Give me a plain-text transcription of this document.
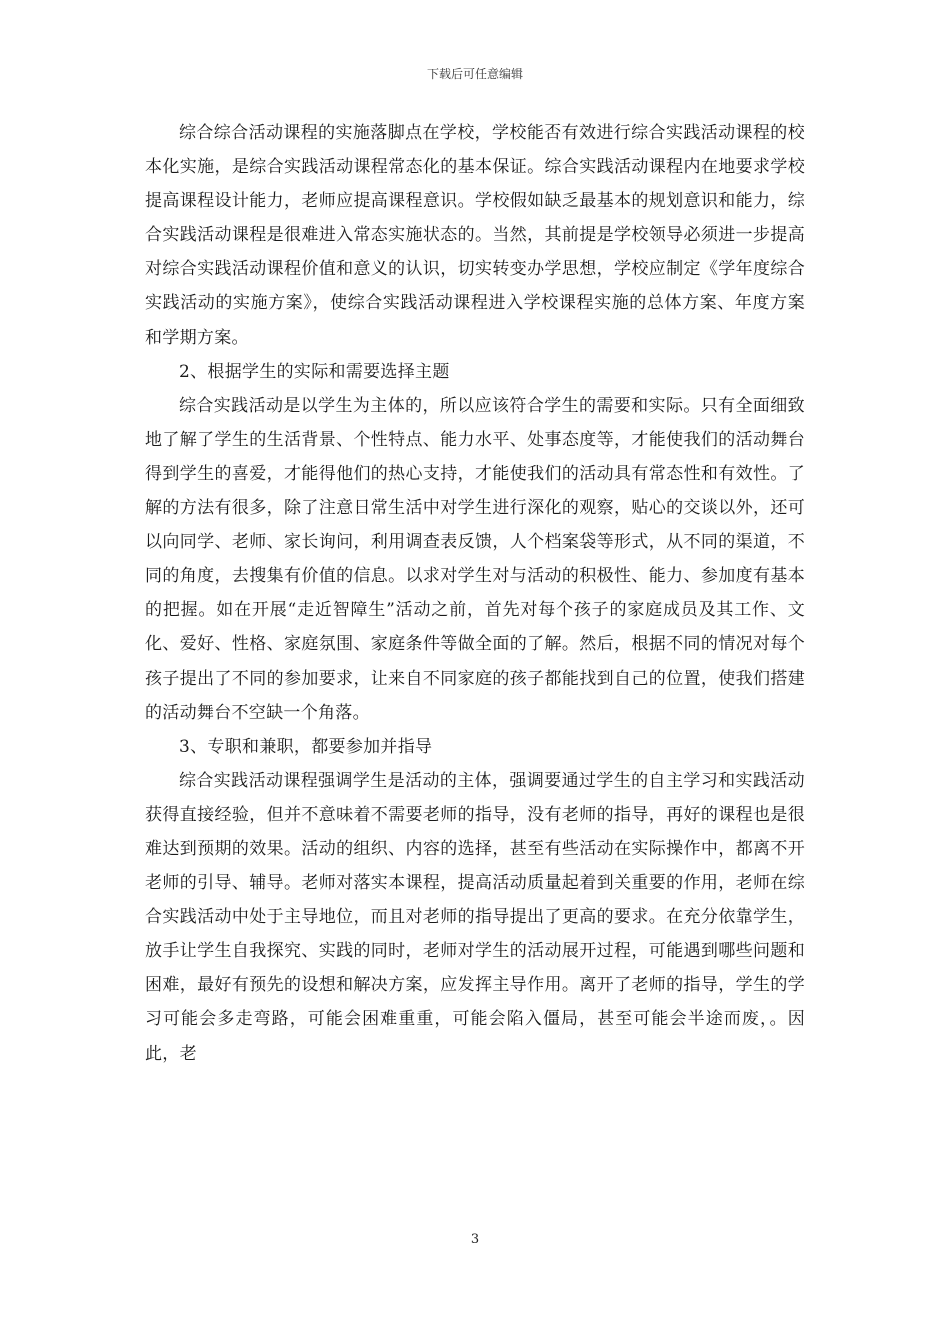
下载后可任意编辑

综合综合活动课程的实施落脚点在学校，学校能否有效进行综合实践活动课程的校本化实施，是综合实践活动课程常态化的基本保证。综合实践活动课程内在地要求学校提高课程设计能力，老师应提高课程意识。学校假如缺乏最基本的规划意识和能力，综合实践活动课程是很难进入常态实施状态的。当然，其前提是学校领导必须进一步提高对综合实践活动课程价值和意义的认识，切实转变办学思想，学校应制定《学年度综合实践活动的实施方案》，使综合实践活动课程进入学校课程实施的总体方案、年度方案和学期方案。

2、根据学生的实际和需要选择主题

综合实践活动是以学生为主体的，所以应该符合学生的需要和实际。只有全面细致地了解了学生的生活背景、个性特点、能力水平、处事态度等，才能使我们的活动舞台得到学生的喜爱，才能得他们的热心支持，才能使我们的活动具有常态性和有效性。了解的方法有很多，除了注意日常生活中对学生进行深化的观察，贴心的交谈以外，还可以向同学、老师、家长询问，利用调查表反馈，人个档案袋等形式，从不同的渠道，不同的角度，去搜集有价值的信息。以求对学生对与活动的积极性、能力、参加度有基本的把握。如在开展“走近智障生”活动之前，首先对每个孩子的家庭成员及其工作、文化、爱好、性格、家庭氛围、家庭条件等做全面的了解。然后，根据不同的情况对每个孩子提出了不同的参加要求，让来自不同家庭的孩子都能找到自己的位置，使我们搭建的活动舞台不空缺一个角落。

3、专职和兼职，都要参加并指导

综合实践活动课程强调学生是活动的主体，强调要通过学生的自主学习和实践活动获得直接经验，但并不意味着不需要老师的指导，没有老师的指导，再好的课程也是很难达到预期的效果。活动的组织、内容的选择，甚至有些活动在实际操作中，都离不开老师的引导、辅导。老师对落实本课程，提高活动质量起着到关重要的作用，老师在综合实践活动中处于主导地位，而且对老师的指导提出了更高的要求。在充分依靠学生，放手让学生自我探究、实践的同时，老师对学生的活动展开过程，可能遇到哪些问题和困难，最好有预先的设想和解决方案，应发挥主导作用。离开了老师的指导，学生的学习可能会多走弯路，可能会困难重重，可能会陷入僵局，甚至可能会半途而废，。因此，老

3
